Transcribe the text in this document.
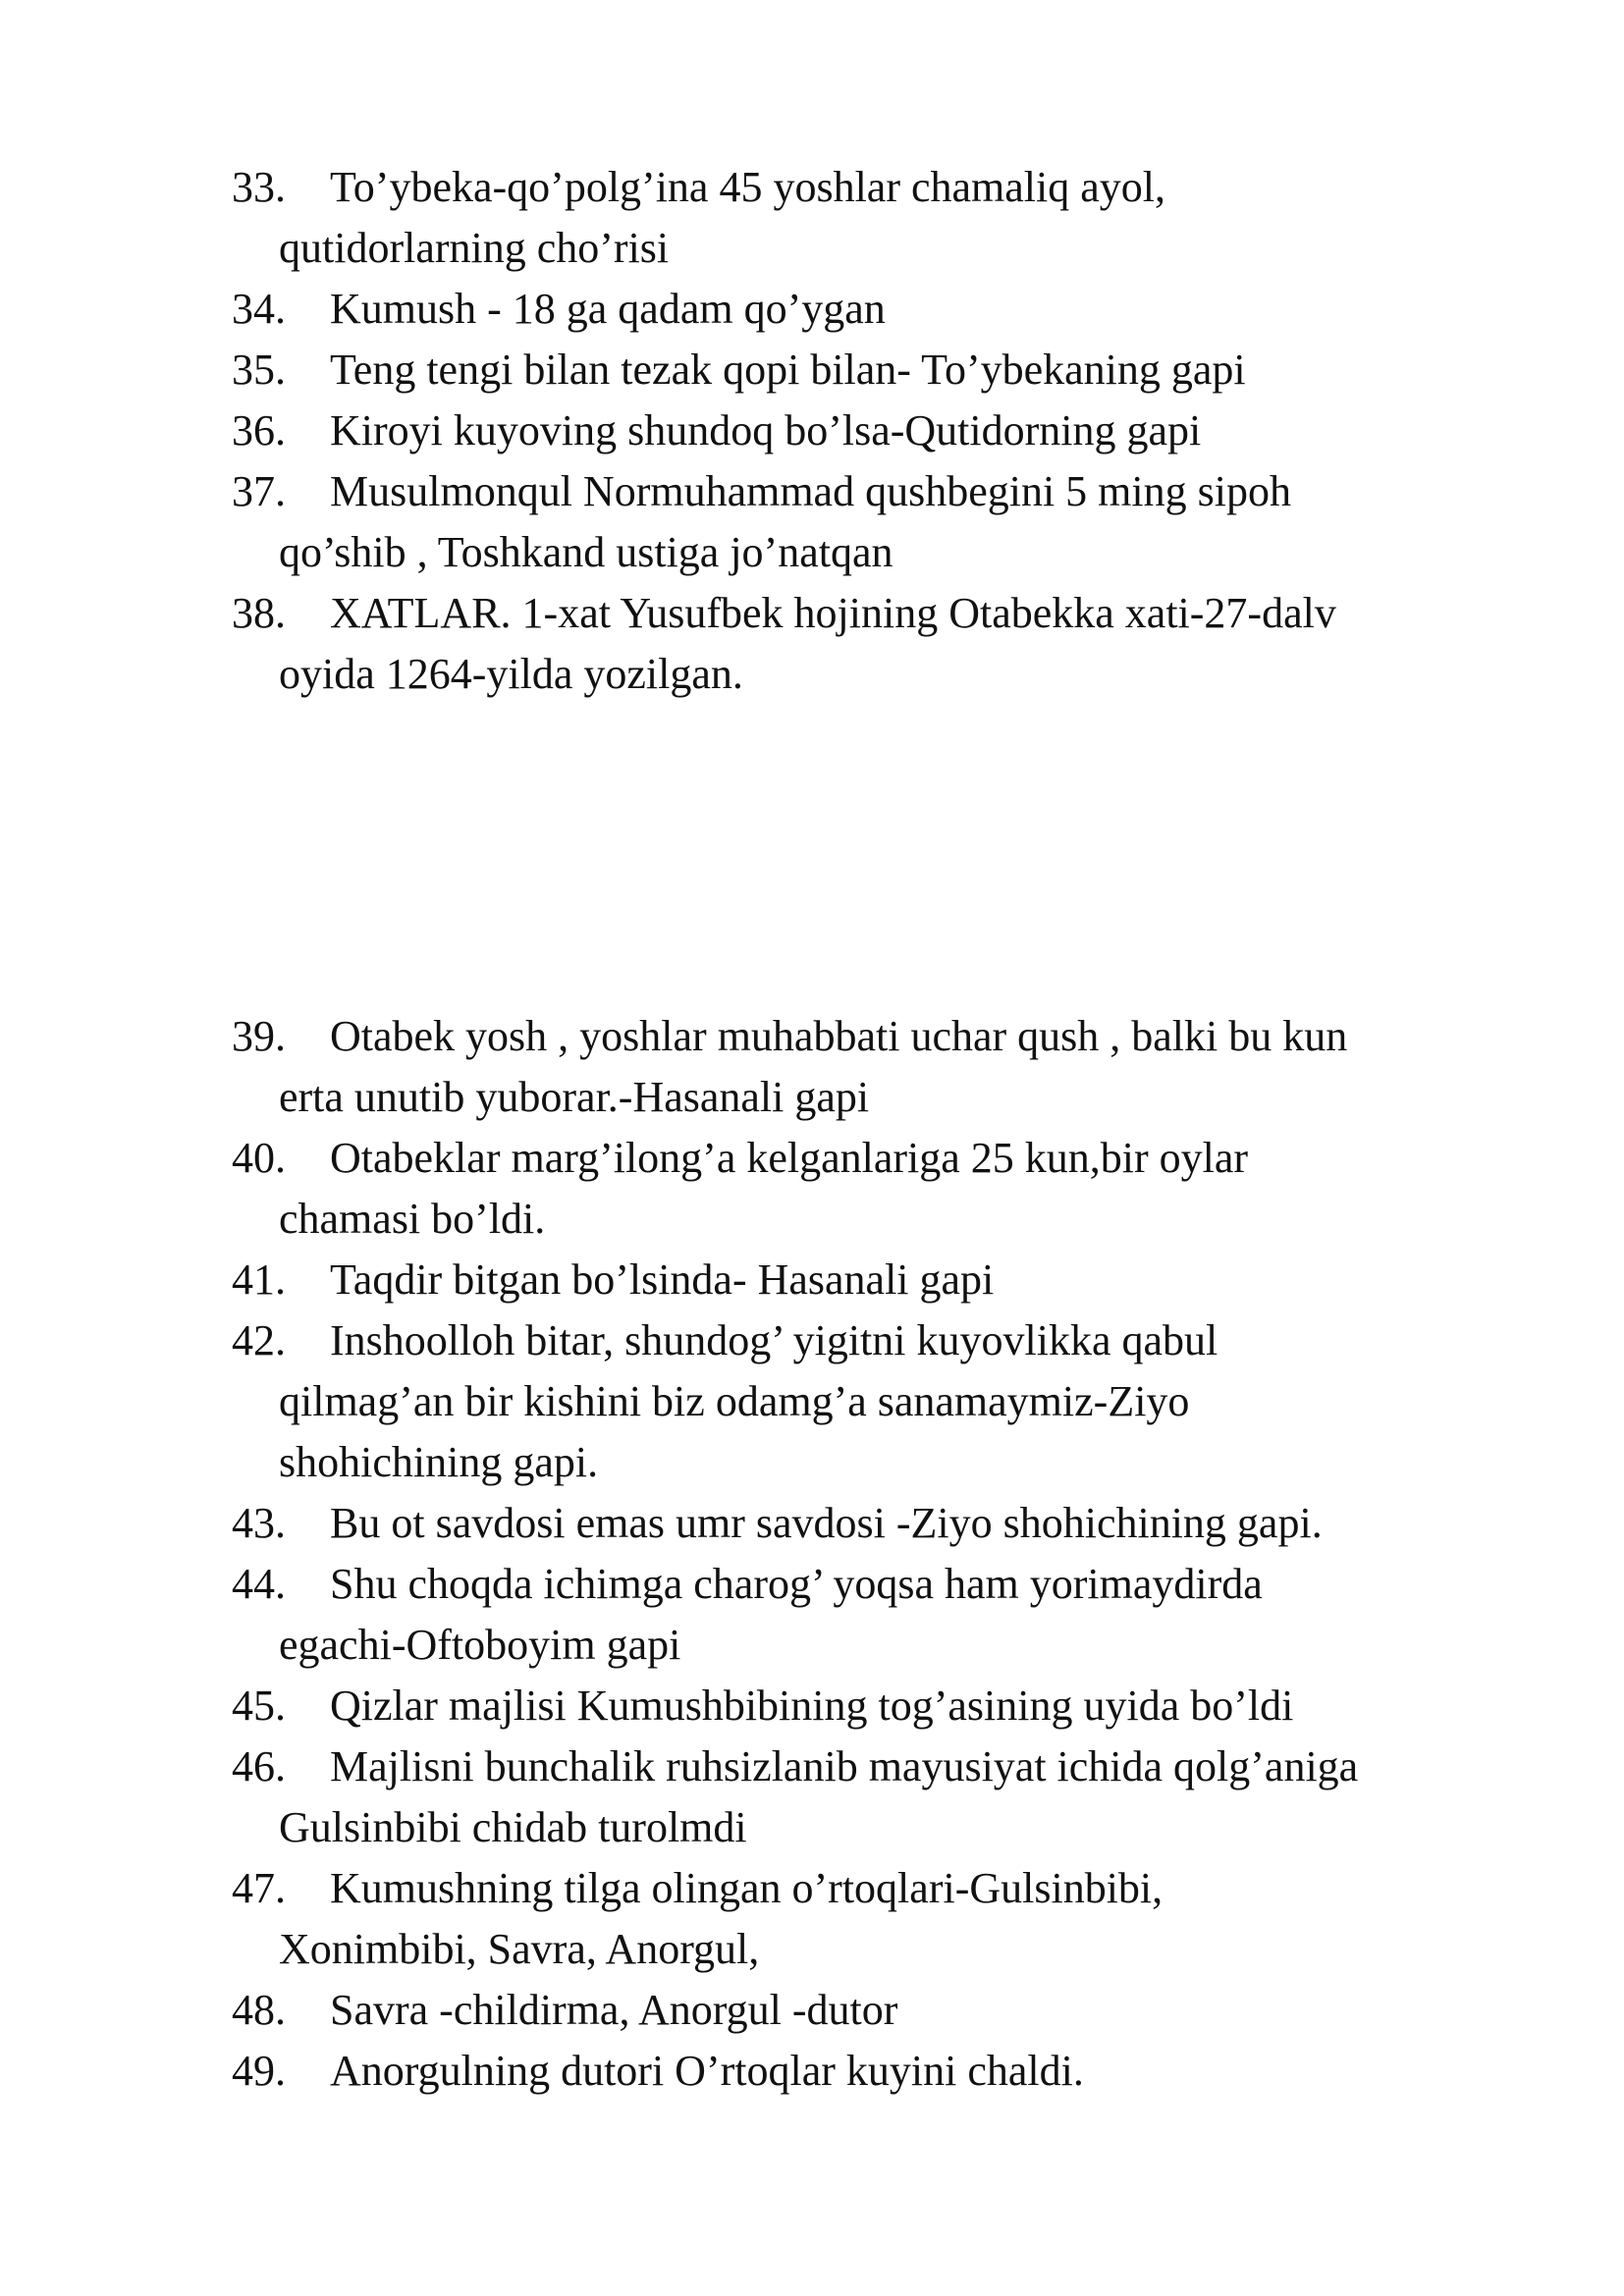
33.	To’ybeka-qo’polg’ina 45 yoshlar chamaliq ayol,
qutidorlarning cho’risi
34.	Kumush - 18 ga qadam qo’ygan
35.	Teng tengi bilan tezak qopi bilan- To’ybekaning gapi
36.	Kiroyi kuyoving shundoq bo’lsa-Qutidorning gapi
37.	Musulmonqul Normuhammad qushbegini 5 ming sipoh
qo’shib , Toshkand ustiga jo’natqan
38.	XATLAR. 1-xat Yusufbek hojining Otabekka xati-27-dalv
oyida 1264-yilda yozilgan.
39.	Otabek yosh , yoshlar muhabbati uchar qush , balki bu kun
erta unutib yuborar.-Hasanali gapi
40.	Otabeklar marg’ilong’a kelganlariga 25 kun,bir oylar
chamasi bo’ldi.
41.	Taqdir bitgan bo’lsinda- Hasanali gapi
42.	Inshoolloh bitar, shundog’ yigitni kuyovlikka qabul
qilmag’an bir kishini biz odamg’a sanamaymiz-Ziyo
shohichining gapi.
43.	Bu ot savdosi emas umr savdosi -Ziyo shohichining gapi.
44.	Shu choqda ichimga charog’ yoqsa ham yorimaydirda
egachi-Oftoboyim gapi
45.	Qizlar majlisi Kumushbibining tog’asining uyida bo’ldi
46.	Majlisni bunchalik ruhsizlanib mayusiyat ichida qolg’aniga
Gulsinbibi chidab turolmdi
47.	Kumushning tilga olingan o’rtoqlari-Gulsinbibi,
Xonimbibi, Savra, Anorgul,
48.	Savra -childirma, Anorgul -dutor
49.	Anorgulning dutori O’rtoqlar kuyini chaldi.
